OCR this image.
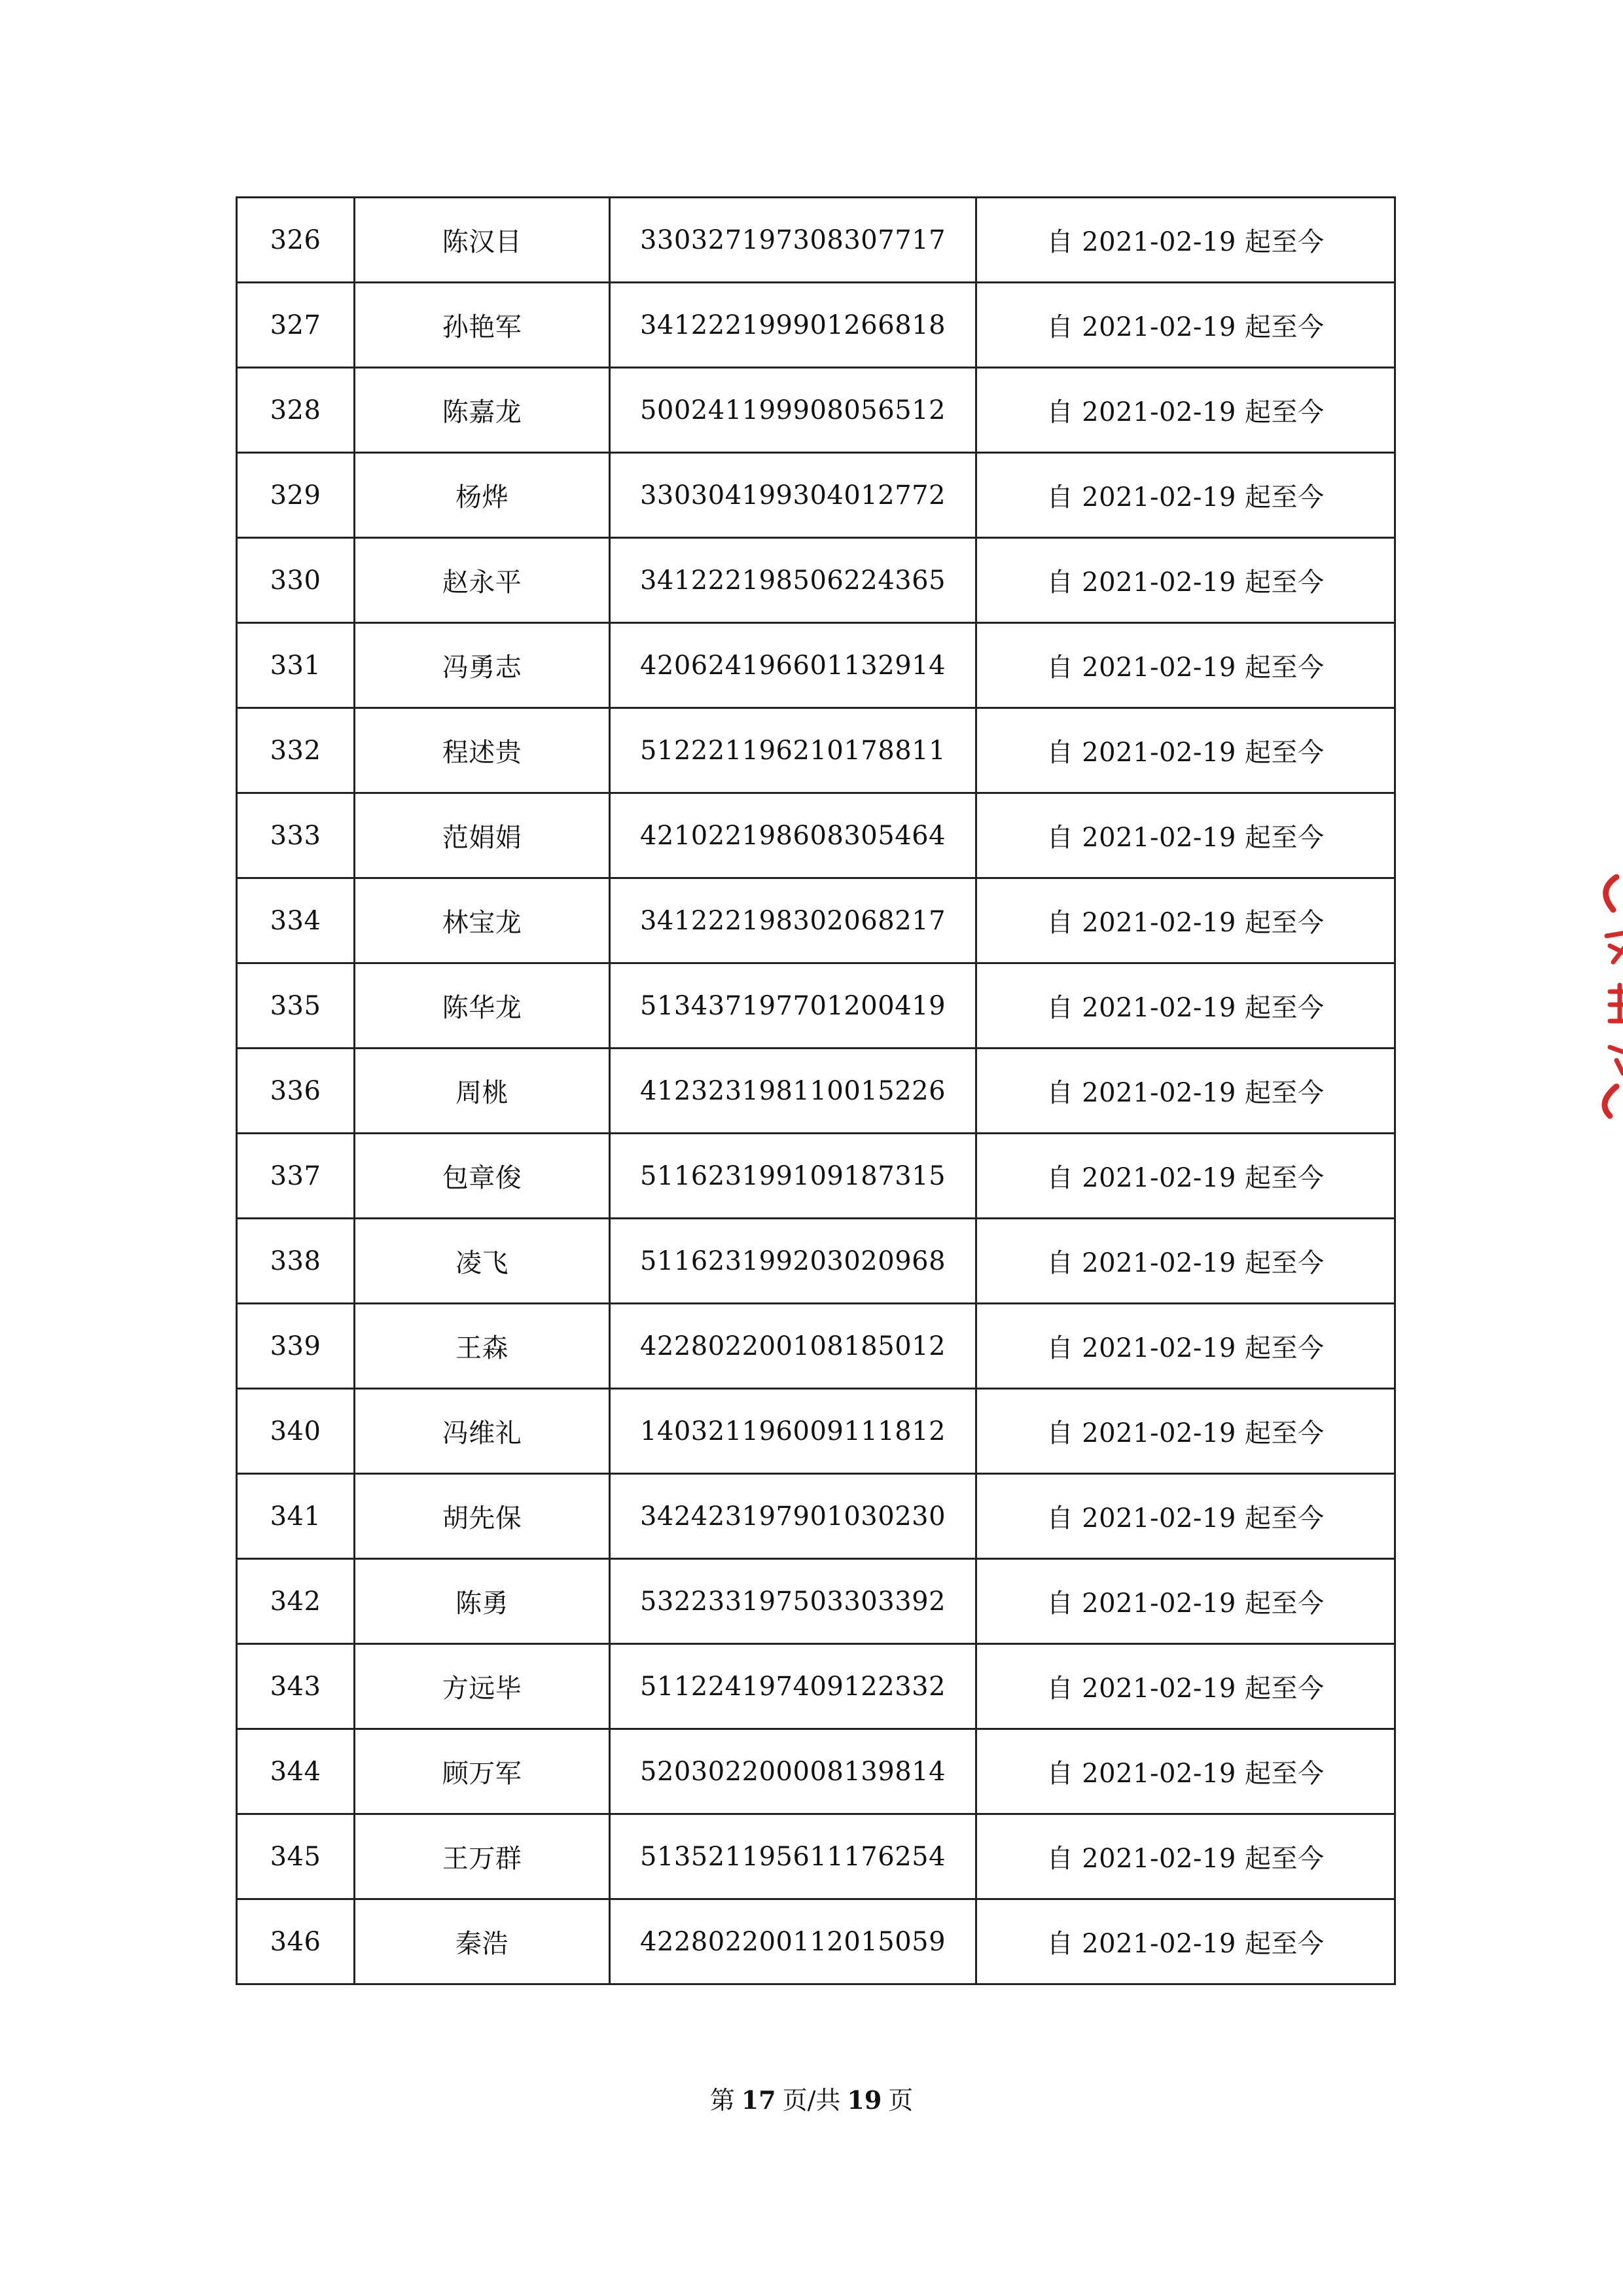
326	陈汉目	330327197308307717	自 2021-02-19 起至今
327	孙艳军	341222199901266818	自 2021-02-19 起至今
328	陈嘉龙	500241199908056512	自 2021-02-19 起至今
329	杨烨	330304199304012772	自 2021-02-19 起至今
330	赵永平	341222198506224365	自 2021-02-19 起至今
331	冯勇志	420624196601132914	自 2021-02-19 起至今
332	程述贵	512221196210178811	自 2021-02-19 起至今
333	范娟娟	421022198608305464	自 2021-02-19 起至今
334	林宝龙	341222198302068217	自 2021-02-19 起至今
335	陈华龙	513437197701200419	自 2021-02-19 起至今
336	周桃	412323198110015226	自 2021-02-19 起至今
337	包章俊	511623199109187315	自 2021-02-19 起至今
338	凌飞	511623199203020968	自 2021-02-19 起至今
339	王森	422802200108185012	自 2021-02-19 起至今
340	冯维礼	140321196009111812	自 2021-02-19 起至今
341	胡先保	342423197901030230	自 2021-02-19 起至今
342	陈勇	532233197503303392	自 2021-02-19 起至今
343	方远毕	511224197409122332	自 2021-02-19 起至今
344	顾万军	520302200008139814	自 2021-02-19 起至今
345	王万群	513521195611176254	自 2021-02-19 起至今
346	秦浩	422802200112015059	自 2021-02-19 起至今
第 17 页/共 19 页
